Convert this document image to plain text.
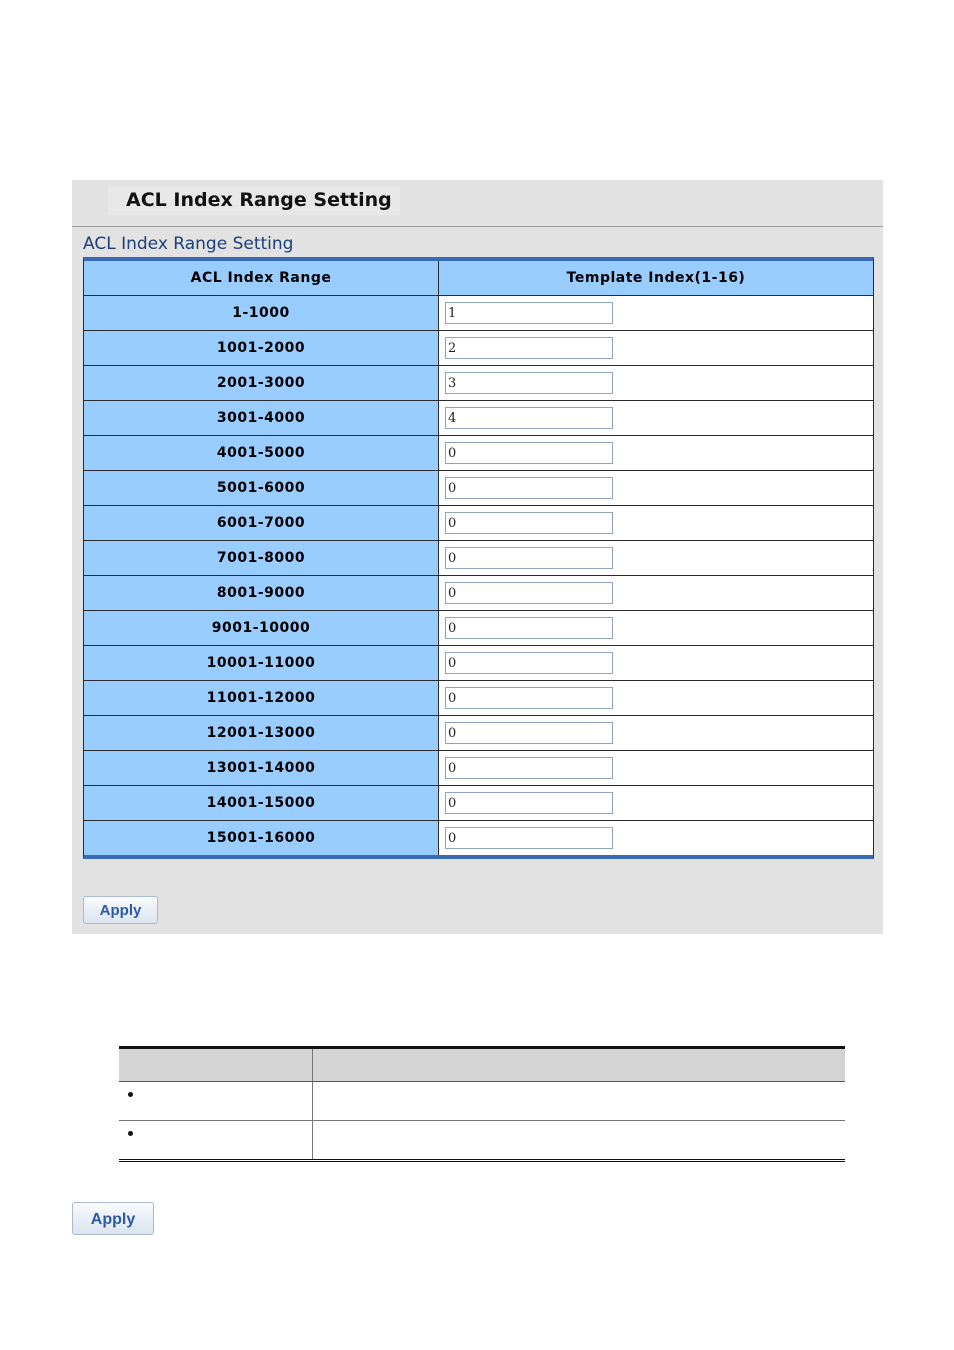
ACL Index Range Setting
ACL Index Range Setting
ACL Index Range	Template Index(1-16)
1-1000
1
1001-2000
2
2001-3000
3
3001-4000
4
4001-5000
0
5001-6000
0
6001-7000
0
7001-8000
0
8001-9000
0
9001-10000
0
10001-11000
0
11001-12000
0
12001-13000
0
13001-14000
0
14001-15000
0
15001-16000
0
Apply
Apply
